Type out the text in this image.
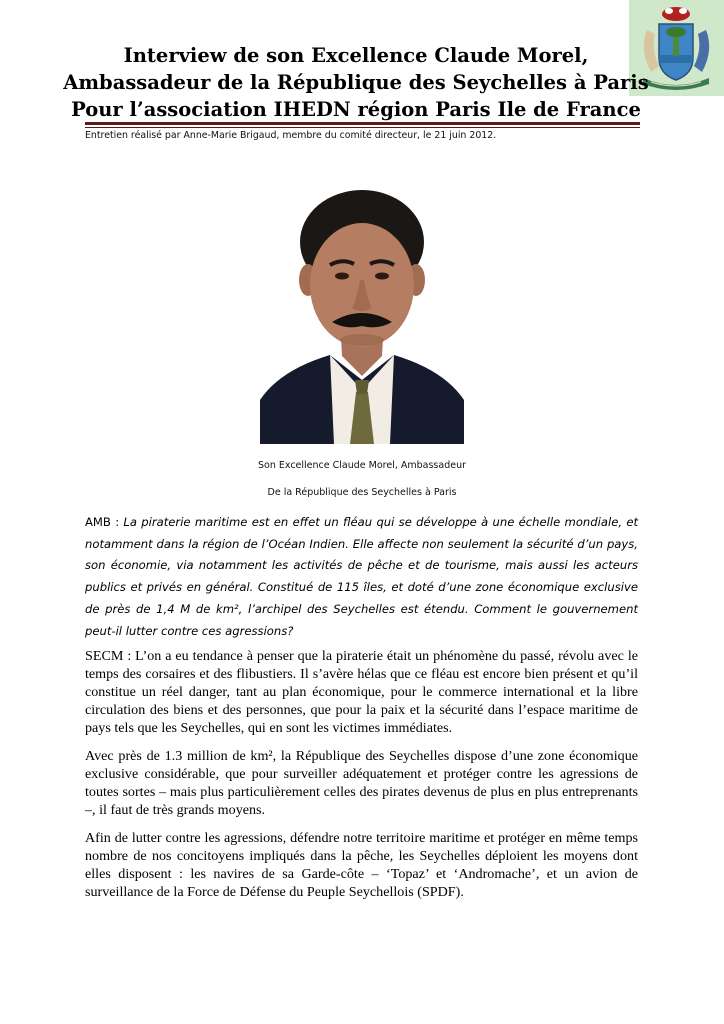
Interview de son Excellence Claude Morel,
Ambassadeur de la République des Seychelles à Paris
Pour l’association IHEDN région Paris Ile de France
Entretien réalisé par Anne-Marie Brigaud, membre du comité directeur, le 21 juin 2012.
Son Excellence Claude Morel, Ambassadeur
De la République des Seychelles à Paris
AMB : La piraterie maritime est en effet un fléau qui se développe à une échelle mondiale, et notamment dans la région de l’Océan Indien. Elle affecte non seulement la sécurité d’un pays, son économie, via notamment les activités de pêche et de tourisme, mais aussi les acteurs publics et privés en général. Constitué de 115 îles, et doté d’une zone économique exclusive de près de 1,4 M de km², l’archipel des Seychelles est étendu. Comment le gouvernement peut-il lutter contre ces agressions?
SECM : L’on a eu tendance à penser que la piraterie était un phénomène du passé, révolu avec le temps des corsaires et des flibustiers. Il s’avère hélas que ce fléau est encore bien présent et qu’il constitue un réel danger, tant au plan économique, pour le commerce international et la libre circulation des biens et des personnes, que pour la paix et la sécurité dans l’espace maritime de pays tels que les Seychelles, qui en sont les victimes immédiates.
Avec près de 1.3 million de km², la République des Seychelles dispose d’une zone économique exclusive considérable, que pour surveiller adéquatement et protéger contre les agressions de toutes sortes – mais plus particulièrement celles des pirates devenus de plus en plus entreprenants –, il faut de très grands moyens.
Afin de lutter contre les agressions, défendre notre territoire maritime et protéger en même temps nombre de nos concitoyens impliqués dans la pêche, les Seychelles déploient les moyens dont elles disposent : les navires de sa Garde-côte – ‘Topaz’ et ‘Andromache’, et un avion de surveillance de la Force de Défense du Peuple Seychellois (SPDF).
